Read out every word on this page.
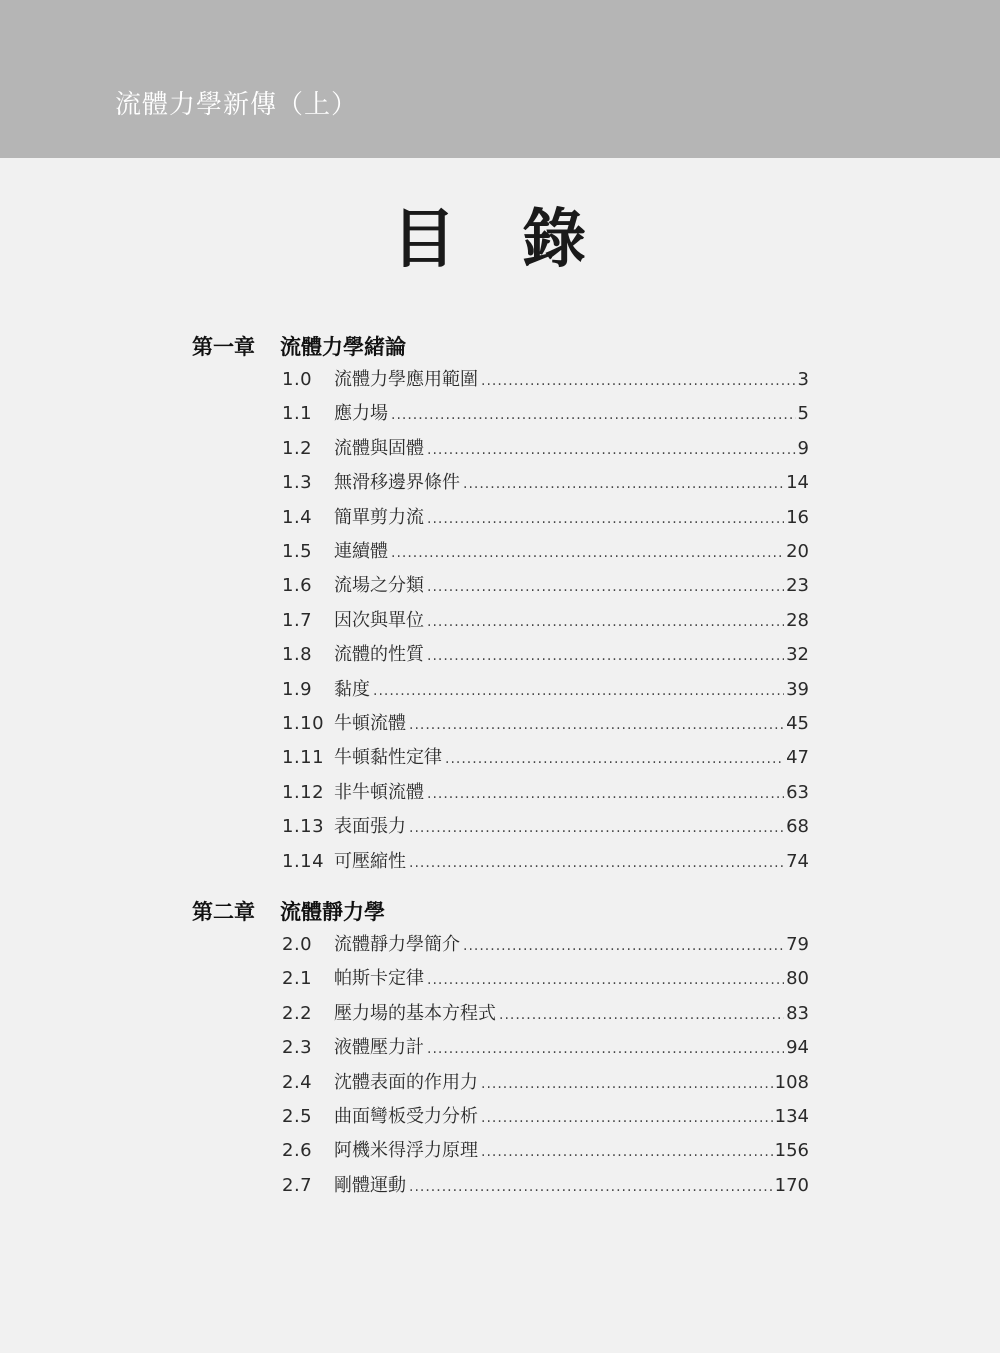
流體力學新傳（上）
目 錄
第一章 流體力學緒論
1.0	流體力學應用範圍 .....	3
1.1	應力場 .....	5
1.2	流體與固體 .....	9
1.3	無滑移邊界條件 .....	14
1.4	簡單剪力流 .....	16
1.5	連續體 .....	20
1.6	流場之分類 .....	23
1.7	因次與單位 .....	28
1.8	流體的性質 .....	32
1.9	黏度 .....	39
1.10 牛頓流體 .....	45
1.11 牛頓黏性定律 .....	47
1.12 非牛頓流體 .....	63
1.13 表面張力 .....	68
1.14 可壓縮性 .....	74
第二章 流體靜力學
2.0	流體靜力學簡介 .....	79
2.1	帕斯卡定律 .....	80
2.2	壓力場的基本方程式 .....	83
2.3	液體壓力計 .....	94
2.4	沈體表面的作用力 .....	108
2.5	曲面彎板受力分析 .....	134
2.6	阿機米得浮力原理 .....	156
2.7	剛體運動 .....	170
